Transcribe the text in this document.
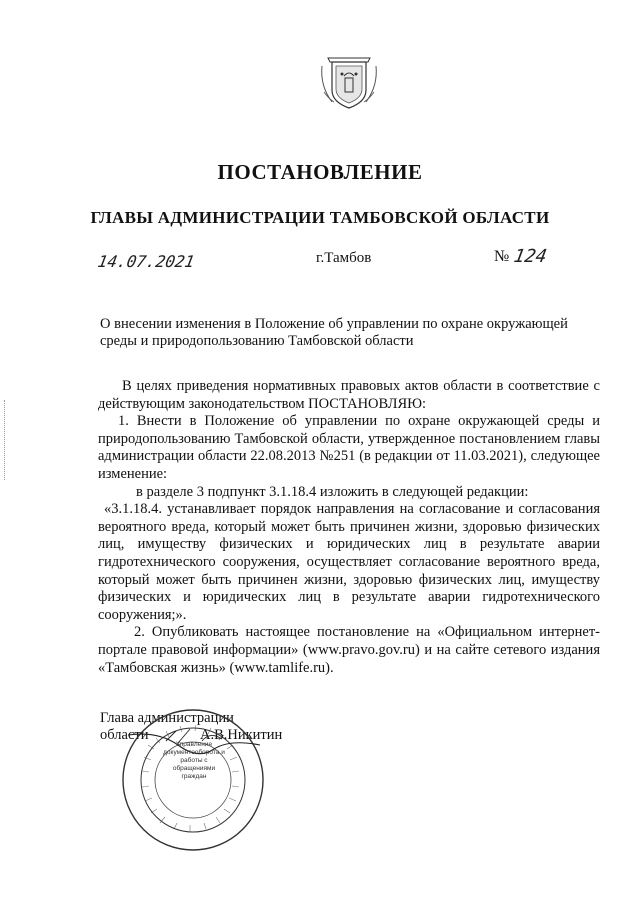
ПОСТАНОВЛЕНИЕ
ГЛАВЫ АДМИНИСТРАЦИИ ТАМБОВСКОЙ ОБЛАСТИ
14.07.2021	г.Тамбов	№ 124
О внесении изменения в Положение об управлении по охране окружающей среды и природопользованию Тамбовской области

В целях приведения нормативных правовых актов области в соответствие с действующим законодательством ПОСТАНОВЛЯЮ:

1. Внести в Положение об управлении по охране окружающей среды и природопользованию Тамбовской области, утвержденное постановлением главы администрации области 22.08.2013 №251 (в редакции от 11.03.2021), следующее изменение:

в разделе 3 подпункт 3.1.18.4 изложить в следующей редакции:

«3.1.18.4. устанавливает порядок направления на согласование и согласования вероятного вреда, который может быть причинен жизни, здоровью физических лиц, имуществу физических и юридических лиц в результате аварии гидротехнического сооружения, осуществляет согласование вероятного вреда, который может быть причинен жизни, здоровью физических лиц, имуществу физических и юридических лиц в результате аварии гидротехнического сооружения;».

2. Опубликовать настоящее постановление на «Официальном интернет-портале правовой информации» (www.pravo.gov.ru) и на сайте сетевого издания «Тамбовская жизнь» (www.tamlife.ru).

Глава администрации
области	А.В.Никитин
Управление документооборота и работы с обращениями граждан
